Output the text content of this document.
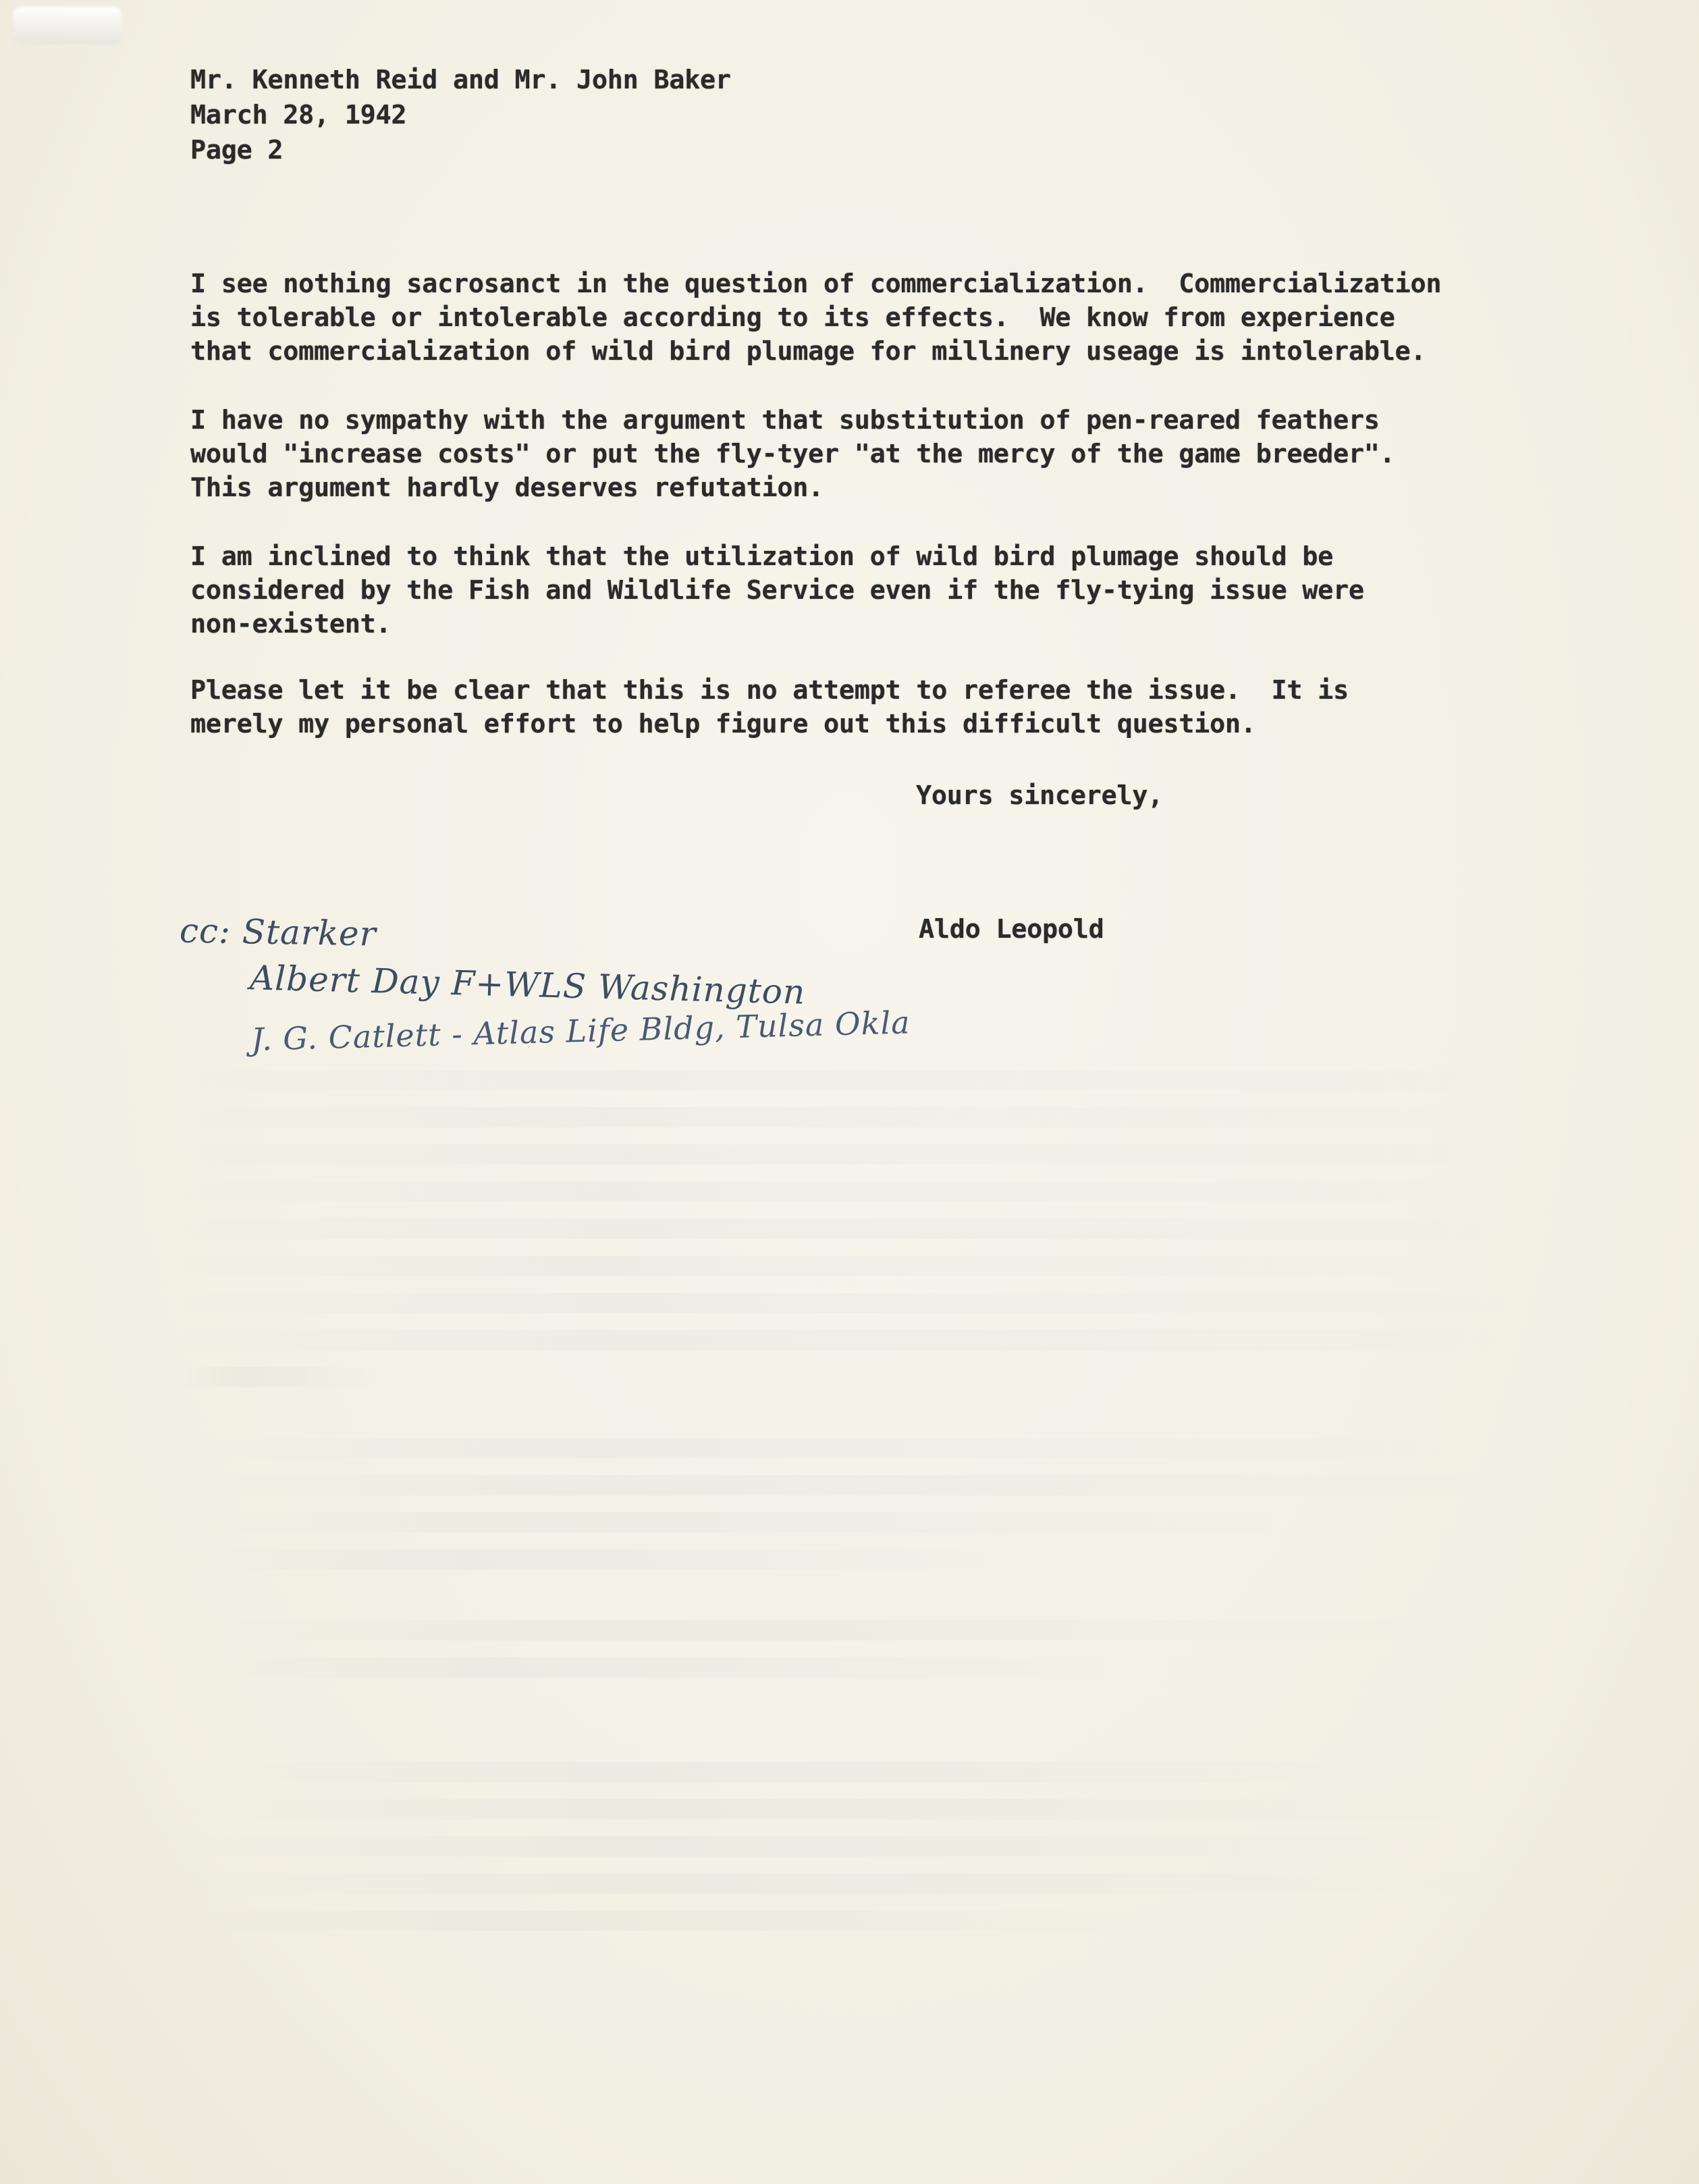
Mr. Kenneth Reid and Mr. John Baker
March 28, 1942
Page 2
I see nothing sacrosanct in the question of commercialization.  Commercialization
is tolerable or intolerable according to its effects.  We know from experience
that commercialization of wild bird plumage for millinery useage is intolerable.
I have no sympathy with the argument that substitution of pen-reared feathers
would "increase costs" or put the fly-tyer "at the mercy of the game breeder".
This argument hardly deserves refutation.
I am inclined to think that the utilization of wild bird plumage should be
considered by the Fish and Wildlife Service even if the fly-tying issue were
non-existent.
Please let it be clear that this is no attempt to referee the issue.  It is
merely my personal effort to help figure out this difficult question.
Yours sincerely,
Aldo Leopold
cc: Starker
Albert Day F+WLS Washington
J. G. Catlett - Atlas Life Bldg, Tulsa Okla
